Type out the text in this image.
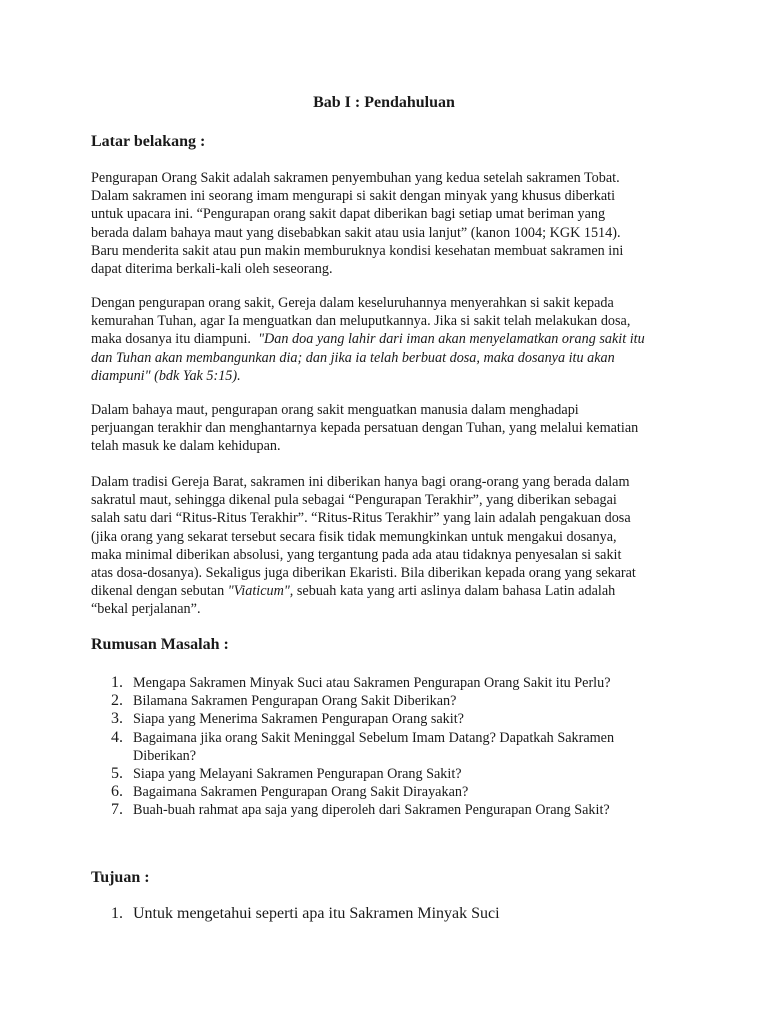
Bab I : Pendahuluan
Latar belakang :

Pengurapan Orang Sakit adalah sakramen penyembuhan yang kedua setelah sakramen Tobat.
Dalam sakramen ini seorang imam mengurapi si sakit dengan minyak yang khusus diberkati
untuk upacara ini. “Pengurapan orang sakit dapat diberikan bagi setiap umat beriman yang
berada dalam bahaya maut yang disebabkan sakit atau usia lanjut” (kanon 1004; KGK 1514).
Baru menderita sakit atau pun makin memburuknya kondisi kesehatan membuat sakramen ini
dapat diterima berkali-kali oleh seseorang.

Dengan pengurapan orang sakit, Gereja dalam keseluruhannya menyerahkan si sakit kepada
kemurahan Tuhan, agar Ia menguatkan dan meluputkannya. Jika si sakit telah melakukan dosa,
maka dosanya itu diampuni. "Dan doa yang lahir dari iman akan menyelamatkan orang sakit itu
dan Tuhan akan membangunkan dia; dan jika ia telah berbuat dosa, maka dosanya itu akan
diampuni" (bdk Yak 5:15).

Dalam bahaya maut, pengurapan orang sakit menguatkan manusia dalam menghadapi
perjuangan terakhir dan menghantarnya kepada persatuan dengan Tuhan, yang melalui kematian
telah masuk ke dalam kehidupan.

Dalam tradisi Gereja Barat, sakramen ini diberikan hanya bagi orang-orang yang berada dalam
sakratul maut, sehingga dikenal pula sebagai “Pengurapan Terakhir”, yang diberikan sebagai
salah satu dari “Ritus-Ritus Terakhir”. “Ritus-Ritus Terakhir” yang lain adalah pengakuan dosa
(jika orang yang sekarat tersebut secara fisik tidak memungkinkan untuk mengakui dosanya,
maka minimal diberikan absolusi, yang tergantung pada ada atau tidaknya penyesalan si sakit
atas dosa-dosanya). Sekaligus juga diberikan Ekaristi. Bila diberikan kepada orang yang sekarat
dikenal dengan sebutan "Viaticum", sebuah kata yang arti aslinya dalam bahasa Latin adalah
“bekal perjalanan”.

Rumusan Masalah :
1. Mengapa Sakramen Minyak Suci atau Sakramen Pengurapan Orang Sakit itu Perlu?
2. Bilamana Sakramen Pengurapan Orang Sakit Diberikan?
3. Siapa yang Menerima Sakramen Pengurapan Orang sakit?
4. Bagaimana jika orang Sakit Meninggal Sebelum Imam Datang? Dapatkah Sakramen
Diberikan?
5. Siapa yang Melayani Sakramen Pengurapan Orang Sakit?
6. Bagaimana Sakramen Pengurapan Orang Sakit Dirayakan?
7. Buah-buah rahmat apa saja yang diperoleh dari Sakramen Pengurapan Orang Sakit?
Tujuan :
1. Untuk mengetahui seperti apa itu Sakramen Minyak Suci
